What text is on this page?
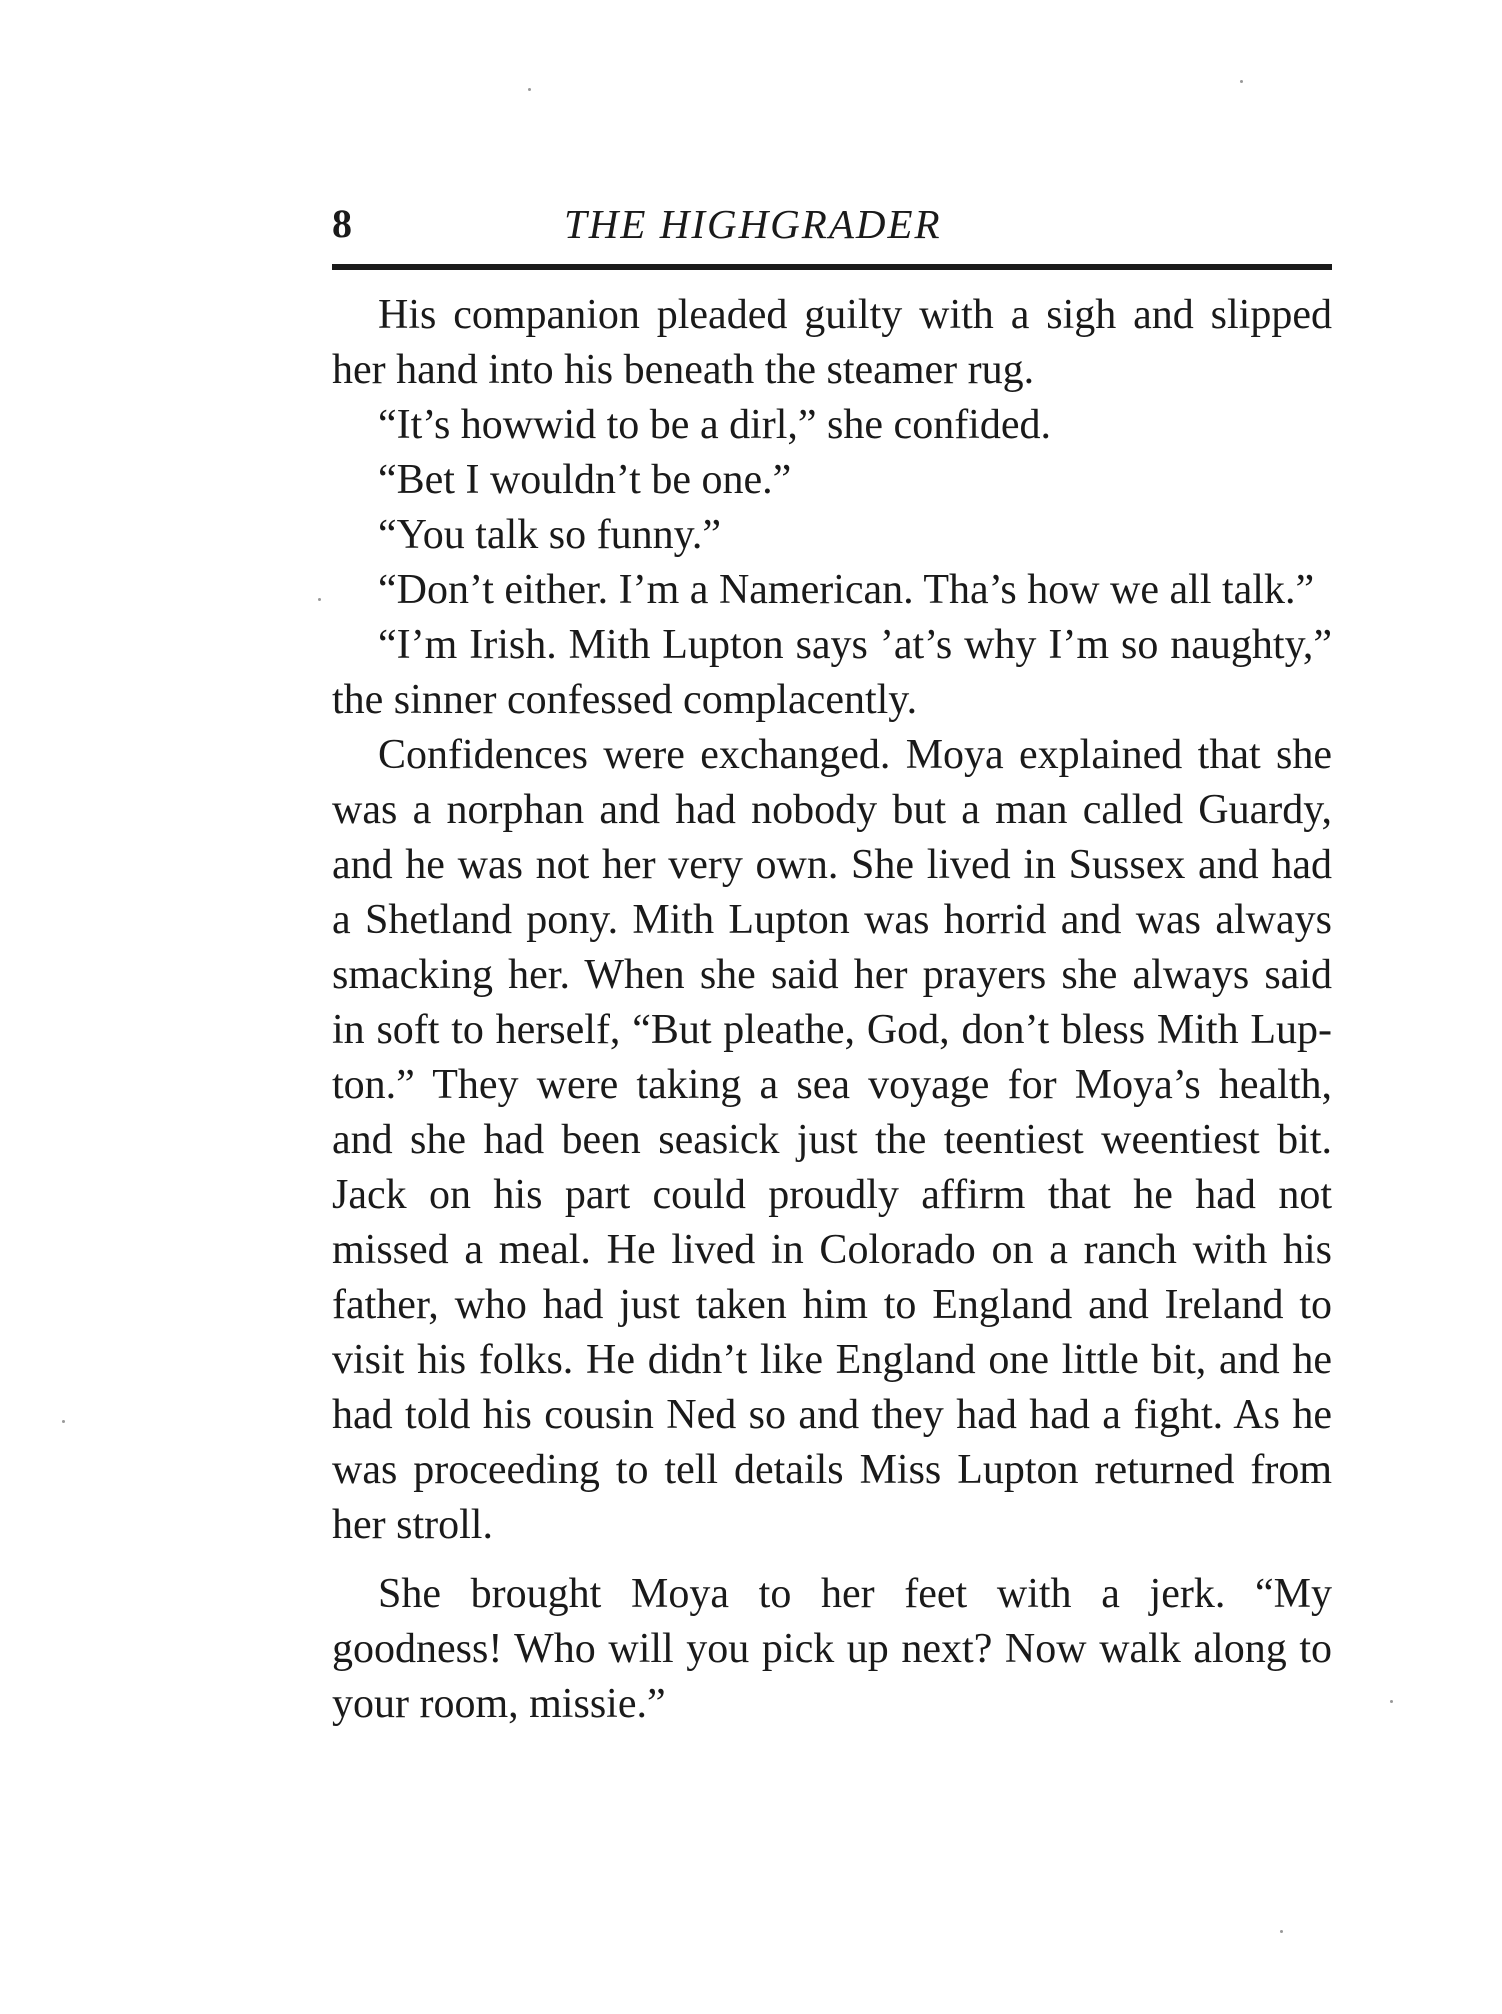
8	THE HIGHGRADER

His companion pleaded guilty with a sigh and slipped her hand into his beneath the steamer rug.

“It’s howwid to be a dirl,” she confided.

“Bet I wouldn’t be one.”

“You talk so funny.”

“Don’t either. I’m a Namerican. Tha’s how we all talk.”

“I’m Irish. Mith Lupton says ’at’s why I’m so naughty,” the sinner confessed complacently.

Confidences were exchanged. Moya explained that she was a norphan and had nobody but a man called Guardy, and he was not her very own. She lived in Sussex and had a Shetland pony. Mith Lupton was horrid and was always smacking her. When she said her prayers she always said in soft to herself, “But pleathe, God, don’t bless Mith Lupton.” They were taking a sea voyage for Moya’s health, and she had been seasick just the teentiest weentiest bit. Jack on his part could proudly affirm that he had not missed a meal. He lived in Colorado on a ranch with his father, who had just taken him to England and Ireland to visit his folks. He didn’t like England one little bit, and he had told his cousin Ned so and they had had a fight. As he was proceeding to tell details Miss Lupton returned from her stroll.

She brought Moya to her feet with a jerk. “My goodness! Who will you pick up next? Now walk along to your room, missie.”
